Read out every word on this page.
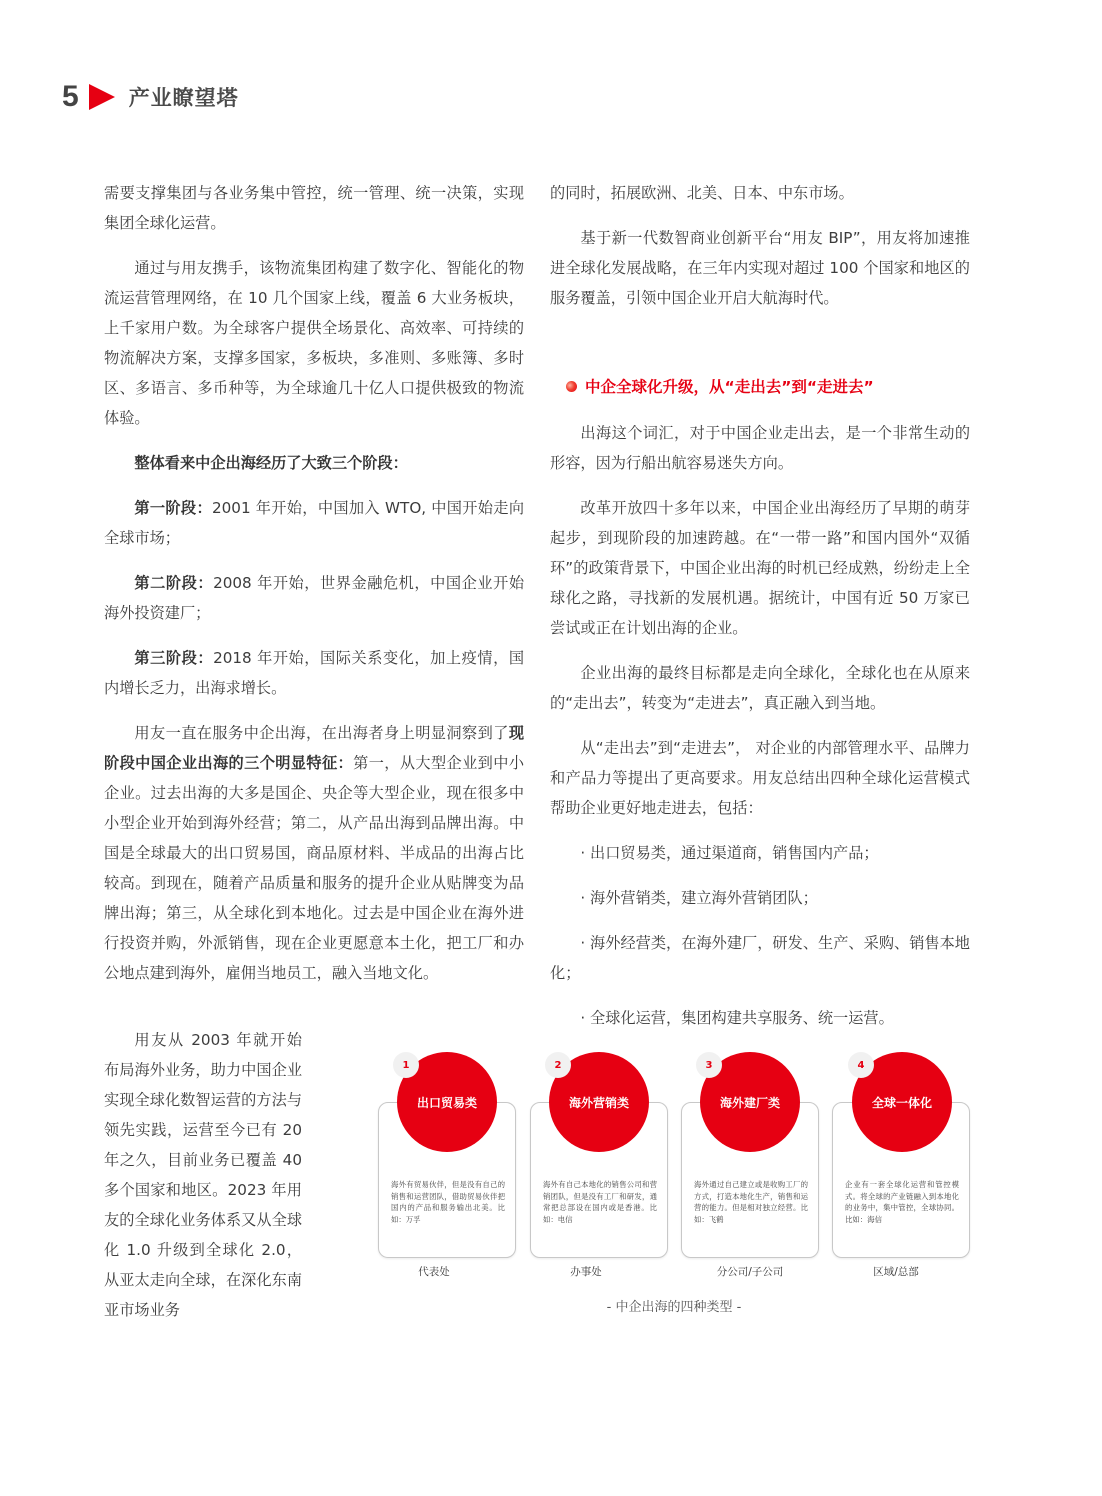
5 产业瞭望塔

需要支撑集团与各业务集中管控，统一管理、统一决策，实现集团全球化运营。

通过与用友携手，该物流集团构建了数字化、智能化的物流运营管理网络，在 10 几个国家上线，覆盖 6 大业务板块，上千家用户数。为全球客户提供全场景化、高效率、可持续的物流解决方案，支撑多国家，多板块，多准则、多账簿、多时区、多语言、多币种等，为全球逾几十亿人口提供极致的物流体验。

整体看来中企出海经历了大致三个阶段：

第一阶段：2001 年开始，中国加入 WTO, 中国开始走向全球市场；

第二阶段：2008 年开始，世界金融危机，中国企业开始海外投资建厂；

第三阶段：2018 年开始，国际关系变化，加上疫情，国内增长乏力，出海求增长。

用友一直在服务中企出海，在出海者身上明显洞察到了现阶段中国企业出海的三个明显特征：第一，从大型企业到中小企业。过去出海的大多是国企、央企等大型企业，现在很多中小型企业开始到海外经营；第二，从产品出海到品牌出海。中国是全球最大的出口贸易国，商品原材料、半成品的出海占比较高。到现在，随着产品质量和服务的提升企业从贴牌变为品牌出海；第三，从全球化到本地化。过去是中国企业在海外进行投资并购，外派销售，现在企业更愿意本土化，把工厂和办公地点建到海外，雇佣当地员工，融入当地文化。

用友从 2003 年就开始布局海外业务，助力中国企业实现全球化数智运营的方法与领先实践，运营至今已有 20 年之久，目前业务已覆盖 40 多个国家和地区。2023 年用友的全球化业务体系又从全球化 1.0 升级到全球化 2.0，从亚太走向全球，在深化东南亚市场业务

的同时，拓展欧洲、北美、日本、中东市场。

基于新一代数智商业创新平台“用友 BIP”，用友将加速推进全球化发展战略，在三年内实现对超过 100 个国家和地区的服务覆盖，引领中国企业开启大航海时代。

中企全球化升级，从“走出去”到“走进去”

出海这个词汇，对于中国企业走出去，是一个非常生动的形容，因为行船出航容易迷失方向。

改革开放四十多年以来，中国企业出海经历了早期的萌芽起步，到现阶段的加速跨越。在“一带一路”和国内国外“双循环”的政策背景下，中国企业出海的时机已经成熟，纷纷走上全球化之路，寻找新的发展机遇。据统计，中国有近 50 万家已尝试或正在计划出海的企业。

企业出海的最终目标都是走向全球化，全球化也在从原来的“走出去”，转变为“走进去”，真正融入到当地。

从“走出去”到“走进去”， 对企业的内部管理水平、品牌力和产品力等提出了更高要求。用友总结出四种全球化运营模式帮助企业更好地走进去，包括：

· 出口贸易类，通过渠道商，销售国内产品；

· 海外营销类，建立海外营销团队；

· 海外经营类，在海外建厂，研发、生产、采购、销售本地化；

· 全球化运营，集团构建共享服务、统一运营。

海外有贸易伙伴，但是没有自己的销售和运营团队，借助贸易伙伴把国内的产品和服务输出北美。比如：万孚
出口贸易类
1
代表处
海外有自己本地化的销售公司和营销团队，但是没有工厂和研发，通常把总部设在国内或是香港。比如：电信
海外营销类
2
办事处
海外通过自己建立或是收购工厂的方式，打造本地化生产，销售和运营的能力。但是相对独立经营。比如：飞鹤
海外建厂类
3
分公司/子公司
企业有一套全球化运营和管控模式。将全球的产业链融入到本地化的业务中，集中管控，全球协同。比如：海信
全球一体化
4
区域/总部
- 中企出海的四种类型 -
